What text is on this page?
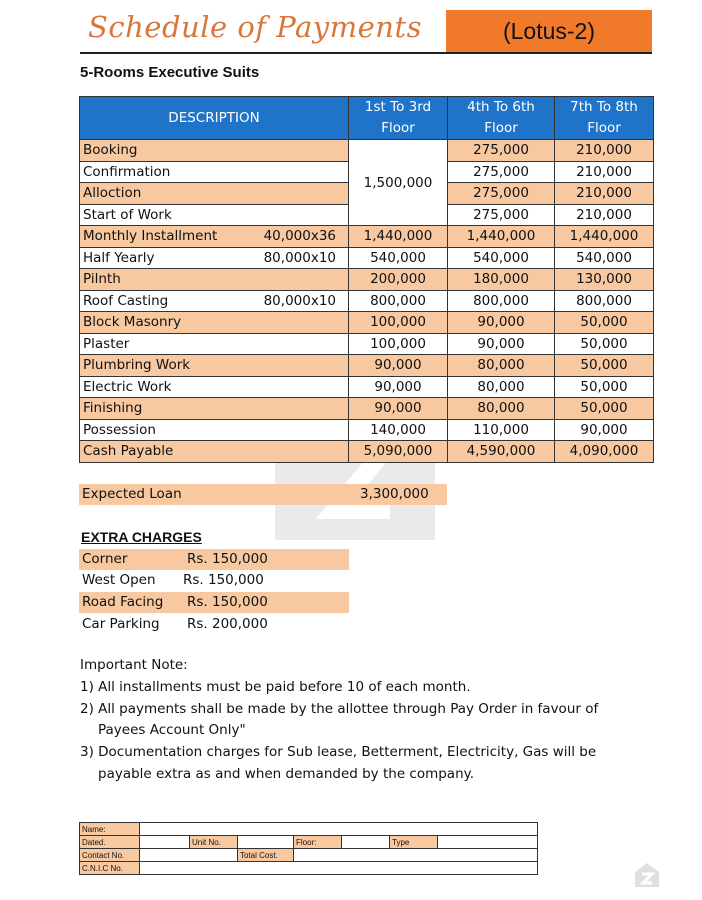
Schedule of Payments	(Lotus-2)
5-Rooms Executive Suits
DESCRIPTION	1st To 3rd Floor	4th To 6th Floor	7th To 8th Floor

Booking	1,500,000	275,000	210,000

Confirmation		275,000	210,000

Alloction		275,000	210,000

Start of Work		275,000	210,000

Monthly Installment 40,000x36	1,440,000	1,440,000	1,440,000

Half Yearly 80,000x10	540,000	540,000	540,000

Pilnth	200,000	180,000	130,000

Roof Casting 80,000x10	800,000	800,000	800,000

Block Masonry	100,000	90,000	50,000

Plaster	100,000	90,000	50,000

Plumbring Work	90,000	80,000	50,000

Electric Work	90,000	80,000	50,000

Finishing	90,000	80,000	50,000

Possession	140,000	110,000	90,000

Cash Payable	5,090,000	4,590,000	4,090,000
Expected Loan	3,300,000
EXTRA CHARGES
Corner	Rs. 150,000
West Open Rs. 150,000
Road Facing Rs. 150,000
Car Parking Rs. 200,000
Important Note:
1) All installments must be paid before 10 of each month.
2) All payments shall be made by the allottee through Pay Order in favour of
Payees Account Only"
3) Documentation charges for Sub lease, Betterment, Electricity, Gas will be
payable extra as and when demanded by the company.
Name:							
Dated.		Unit No.		Floor:		Type	
Contact No.			Total Cost.				
C.N.I.C No.							
